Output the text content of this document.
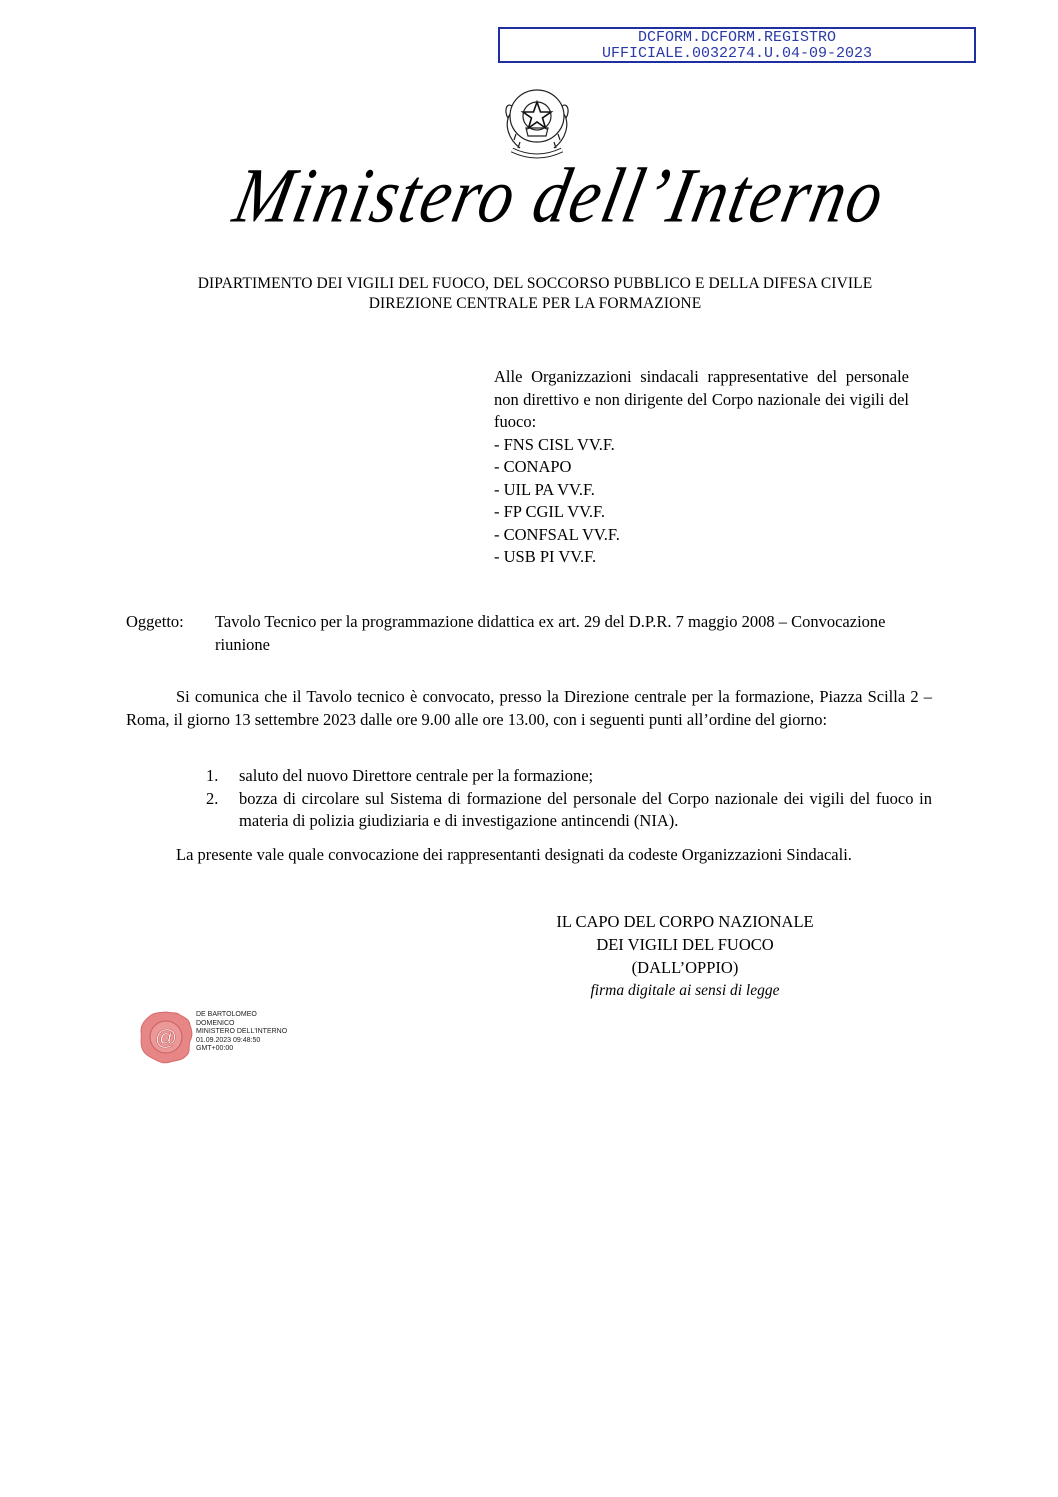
DCFORM.DCFORM.REGISTRO
UFFICIALE.0032274.U.04-09-2023
Ministero dell’Interno
DIPARTIMENTO DEI VIGILI DEL FUOCO, DEL SOCCORSO PUBBLICO E DELLA DIFESA CIVILE
DIREZIONE CENTRALE PER LA FORMAZIONE
Alle Organizzazioni sindacali rappresentative del personale non direttivo e non dirigente del Corpo nazionale dei vigili del fuoco:
- FNS CISL VV.F.
- CONAPO
- UIL PA VV.F.
- FP CGIL VV.F.
- CONFSAL VV.F.
- USB PI VV.F.
Oggetto: Tavolo Tecnico per la programmazione didattica ex art. 29 del D.P.R. 7 maggio 2008 – Convocazione riunione
Si comunica che il Tavolo tecnico è convocato, presso la Direzione centrale per la formazione, Piazza Scilla 2 – Roma, il giorno 13 settembre 2023 dalle ore 9.00 alle ore 13.00, con i seguenti punti all’ordine del giorno:
1. saluto del nuovo Direttore centrale per la formazione;
2. bozza di circolare sul Sistema di formazione del personale del Corpo nazionale dei vigili del fuoco in materia di polizia giudiziaria e di investigazione antincendi (NIA).
La presente vale quale convocazione dei rappresentanti designati da codeste Organizzazioni Sindacali.
IL CAPO DEL CORPO NAZIONALE
DEI VIGILI DEL FUOCO
(DALL’OPPIO)
firma digitale ai sensi di legge
@
DE BARTOLOMEO
DOMENICO
MINISTERO DELL'INTERNO
01.09.2023 09:48:50
GMT+00:00
